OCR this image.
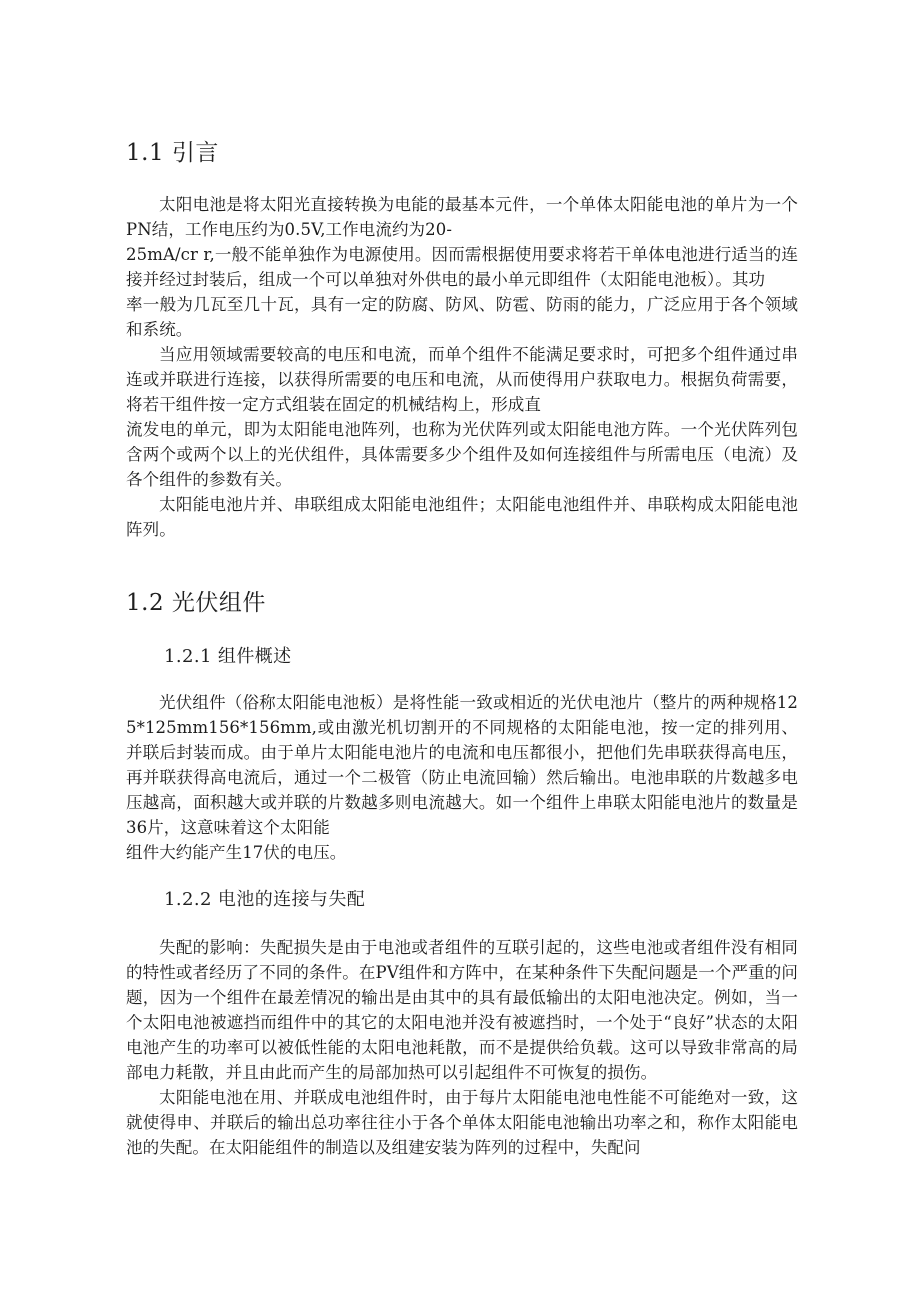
1.1 引言

太阳电池是将太阳光直接转换为电能的最基本元件，一个单体太阳能电池的单片为一个PN结，工作电压约为0.5V,工作电流约为20-

25mA/cr r,一般不能单独作为电源使用。因而需根据使用要求将若干单体电池进行适当的连接并经过封装后，组成一个可以单独对外供电的最小单元即组件（太阳能电池板）。其功

率一般为几瓦至几十瓦，具有一定的防腐、防风、防雹、防雨的能力，广泛应用于各个领域和系统。

当应用领域需要较高的电压和电流，而单个组件不能满足要求时，可把多个组件通过串连或并联进行连接，以获得所需要的电压和电流，从而使得用户获取电力。根据负荷需要，将若干组件按一定方式组装在固定的机械结构上，形成直

流发电的单元，即为太阳能电池阵列，也称为光伏阵列或太阳能电池方阵。一个光伏阵列包含两个或两个以上的光伏组件，具体需要多少个组件及如何连接组件与所需电压（电流）及各个组件的参数有关。

太阳能电池片并、串联组成太阳能电池组件；太阳能电池组件并、串联构成太阳能电池阵列。

1.2 光伏组件
1.2.1 组件概述

光伏组件（俗称太阳能电池板）是将性能一致或相近的光伏电池片（整片的两种规格125*125mm156*156mm,或由激光机切割开的不同规格的太阳能电池，按一定的排列用、并联后封装而成。由于单片太阳能电池片的电流和电压都很小，把他们先串联获得高电压，再并联获得高电流后，通过一个二极管（防止电流回输）然后输出。电池串联的片数越多电压越高，面积越大或并联的片数越多则电流越大。如一个组件上串联太阳能电池片的数量是36片，这意味着这个太阳能

组件大约能产生17伏的电压。

1.2.2 电池的连接与失配

失配的影响：失配损失是由于电池或者组件的互联引起的，这些电池或者组件没有相同的特性或者经历了不同的条件。在PV组件和方阵中，在某种条件下失配问题是一个严重的问题，因为一个组件在最差情况的输出是由其中的具有最低输出的太阳电池决定。例如，当一个太阳电池被遮挡而组件中的其它的太阳电池并没有被遮挡时，一个处于“良好”状态的太阳电池产生的功率可以被低性能的太阳电池耗散，而不是提供给负载。这可以导致非常高的局部电力耗散，并且由此而产生的局部加热可以引起组件不可恢复的损伤。

太阳能电池在用、并联成电池组件时，由于每片太阳能电池电性能不可能绝对一致，这就使得申、并联后的输出总功率往往小于各个单体太阳能电池输出功率之和，称作太阳能电池的失配。在太阳能组件的制造以及组建安装为阵列的过程中，失配问
